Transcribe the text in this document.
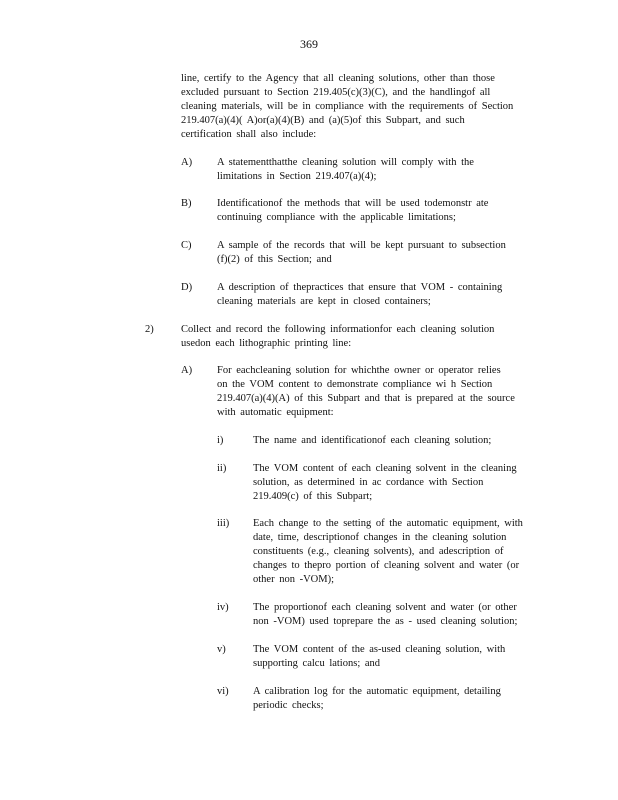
369

line, certify to the Agency that all cleaning solutions, other than those

excluded pursuant to Section 219.405(c)(3)(C), and the handlingof all

cleaning materials, will be in compliance with the requirements of Section

219.407(a)(4)( A)or(a)(4)(B) and (a)(5)of this Subpart, and such

certification shall also include:

A) A statementthatthe cleaning solution will comply with the

limitations in Section 219.407(a)(4);

B) Identificationof the methods that will be used todemonstr ate

continuing compliance with the applicable limitations;

C) A sample of the records that will be kept pursuant to subsection

(f)(2) of this Section; and

D) A description of thepractices that ensure that VOM - containing

cleaning materials are kept in closed containers;

2)	Collect and record the following informationfor each cleaning solution

usedon each lithographic printing line:

A) For eachcleaning solution for whichthe owner or operator relies

on the VOM content to demonstrate compliance wi h Section

219.407(a)(4)(A) of this Subpart and that is prepared at the source

with automatic equipment:

i)	The name and identificationof each cleaning solution;

ii)	The VOM content of each cleaning solvent in the cleaning

solution, as determined in ac cordance with Section

219.409(c) of this Subpart;

iii) Each change to the setting of the automatic equipment, with

date, time, descriptionof changes in the cleaning solution

constituents (e.g., cleaning solvents), and adescription of

changes to thepro portion of cleaning solvent and water (or

other non -VOM);

iv) The proportionof each cleaning solvent and water (or other

non -VOM) used toprepare the as - used cleaning solution;

v)	The VOM content of the as-used cleaning solution, with

supporting calcu lations; and

vi) A calibration log for the automatic equipment, detailing

periodic checks;
